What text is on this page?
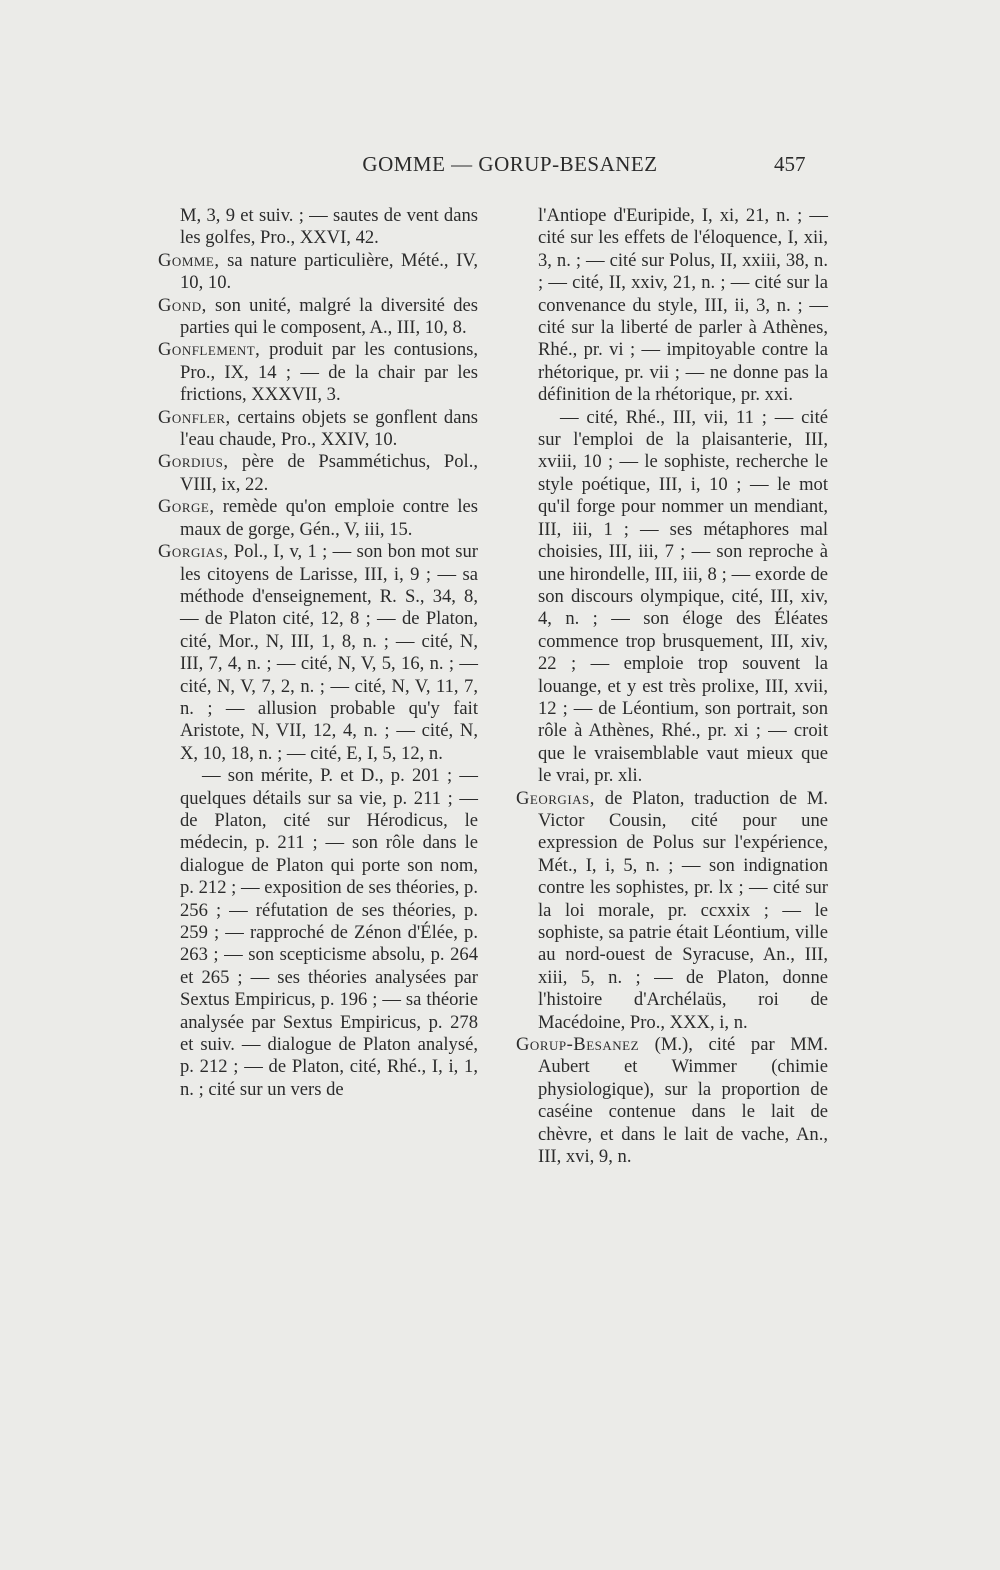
GOMME — GORUP-BESANEZ	457

M, 3, 9 et suiv. ; — sautes de vent dans les golfes, Pro., XXVI, 42.

Gomme, sa nature particulière, Mété., IV, 10, 10.

Gond, son unité, malgré la diversité des parties qui le composent, A., III, 10, 8.

Gonflement, produit par les contusions, Pro., IX, 14 ; — de la chair par les frictions, XXXVII, 3.

Gonfler, certains objets se gonflent dans l'eau chaude, Pro., XXIV, 10.

Gordius, père de Psammétichus, Pol., VIII, ix, 22.

Gorge, remède qu'on emploie contre les maux de gorge, Gén., V, iii, 15.

Gorgias, Pol., I, v, 1 ; — son bon mot sur les citoyens de Larisse, III, i, 9 ; — sa méthode d'enseignement, R. S., 34, 8, — de Platon cité, 12, 8 ; — de Platon, cité, Mor., N, III, 1, 8, n. ; — cité, N, III, 7, 4, n. ; — cité, N, V, 5, 16, n. ; — cité, N, V, 7, 2, n. ; — cité, N, V, 11, 7, n. ; — allusion probable qu'y fait Aristote, N, VII, 12, 4, n. ; — cité, N, X, 10, 18, n. ; — cité, E, I, 5, 12, n.

— son mérite, P. et D., p. 201 ; — quelques détails sur sa vie, p. 211 ; — de Platon, cité sur Hérodicus, le médecin, p. 211 ; — son rôle dans le dialogue de Platon qui porte son nom, p. 212 ; — exposition de ses théories, p. 256 ; — réfutation de ses théories, p. 259 ; — rapproché de Zénon d'Élée, p. 263 ; — son scepticisme absolu, p. 264 et 265 ; — ses théories analysées par Sextus Empiricus, p. 196 ; — sa théorie analysée par Sextus Empiricus, p. 278 et suiv. — dialogue de Platon analysé, p. 212 ; — de Platon, cité, Rhé., I, i, 1, n. ; cité sur un vers de

l'Antiope d'Euripide, I, xi, 21, n. ; — cité sur les effets de l'éloquence, I, xii, 3, n. ; — cité sur Polus, II, xxiii, 38, n. ; — cité, II, xxiv, 21, n. ; — cité sur la convenance du style, III, ii, 3, n. ; — cité sur la liberté de parler à Athènes, Rhé., pr. vi ; — impitoyable contre la rhétorique, pr. vii ; — ne donne pas la définition de la rhétorique, pr. xxi.

— cité, Rhé., III, vii, 11 ; — cité sur l'emploi de la plaisanterie, III, xviii, 10 ; — le sophiste, recherche le style poétique, III, i, 10 ; — le mot qu'il forge pour nommer un mendiant, III, iii, 1 ; — ses métaphores mal choisies, III, iii, 7 ; — son reproche à une hirondelle, III, iii, 8 ; — exorde de son discours olympique, cité, III, xiv, 4, n. ; — son éloge des Éléates commence trop brusquement, III, xiv, 22 ; — emploie trop souvent la louange, et y est très prolixe, III, xvii, 12 ; — de Léontium, son portrait, son rôle à Athènes, Rhé., pr. xi ; — croit que le vraisemblable vaut mieux que le vrai, pr. xli.

Georgias, de Platon, traduction de M. Victor Cousin, cité pour une expression de Polus sur l'expérience, Mét., I, i, 5, n. ; — son indignation contre les sophistes, pr. lx ; — cité sur la loi morale, pr. ccxxix ; — le sophiste, sa patrie était Léontium, ville au nord-ouest de Syracuse, An., III, xiii, 5, n. ; — de Platon, donne l'histoire d'Archélaüs, roi de Macédoine, Pro., XXX, i, n.

Gorup-Besanez (M.), cité par MM. Aubert et Wimmer (chimie physiologique), sur la proportion de caséine contenue dans le lait de chèvre, et dans le lait de vache, An., III, xvi, 9, n.
